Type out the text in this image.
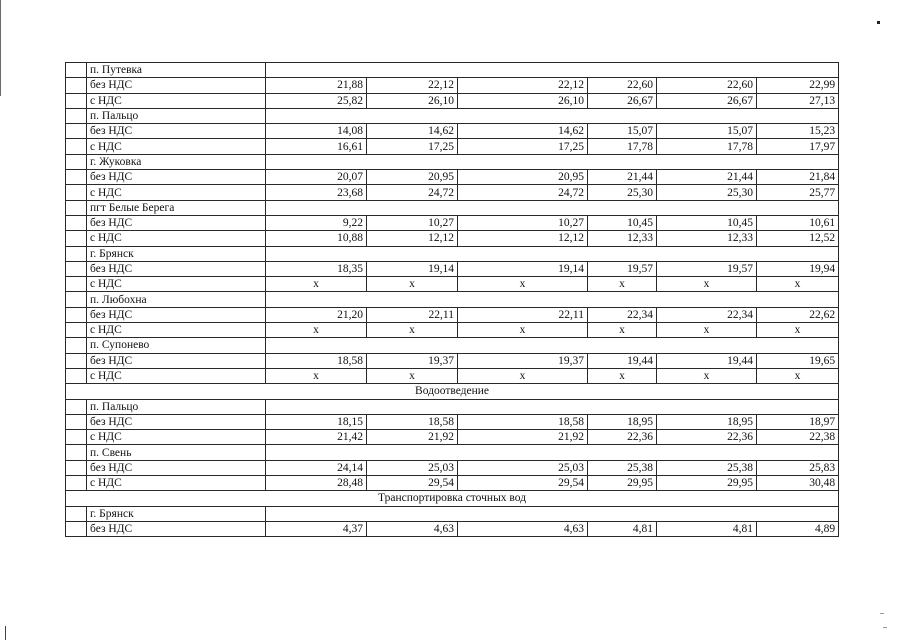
	п. Путевка						
	без НДС	21,88	22,12	22,12	22,60	22,60	22,99
	с НДС	25,82	26,10	26,10	26,67	26,67	27,13
	п. Пальцо						
	без НДС	14,08	14,62	14,62	15,07	15,07	15,23
	с НДС	16,61	17,25	17,25	17,78	17,78	17,97
	г. Жуковка						
	без НДС	20,07	20,95	20,95	21,44	21,44	21,84
	с НДС	23,68	24,72	24,72	25,30	25,30	25,77
	пгт Белые Берега						
	без НДС	9,22	10,27	10,27	10,45	10,45	10,61
	с НДС	10,88	12,12	12,12	12,33	12,33	12,52
	г. Брянск						
	без НДС	18,35	19,14	19,14	19,57	19,57	19,94
	с НДС	x	x	x	x	x	x
	п. Любохна						
	без НДС	21,20	22,11	22,11	22,34	22,34	22,62
	с НДС	x	x	x	x	x	x
	п. Супонево						
	без НДС	18,58	19,37	19,37	19,44	19,44	19,65
	с НДС	x	x	x	x	x	x
Водоотведение							
	п. Пальцо						
	без НДС	18,15	18,58	18,58	18,95	18,95	18,97
	с НДС	21,42	21,92	21,92	22,36	22,36	22,38
	п. Свень						
	без НДС	24,14	25,03	25,03	25,38	25,38	25,83
	с НДС	28,48	29,54	29,54	29,95	29,95	30,48
Транспортировка сточных вод							
	г. Брянск						
	без НДС	4,37	4,63	4,63	4,81	4,81	4,89
